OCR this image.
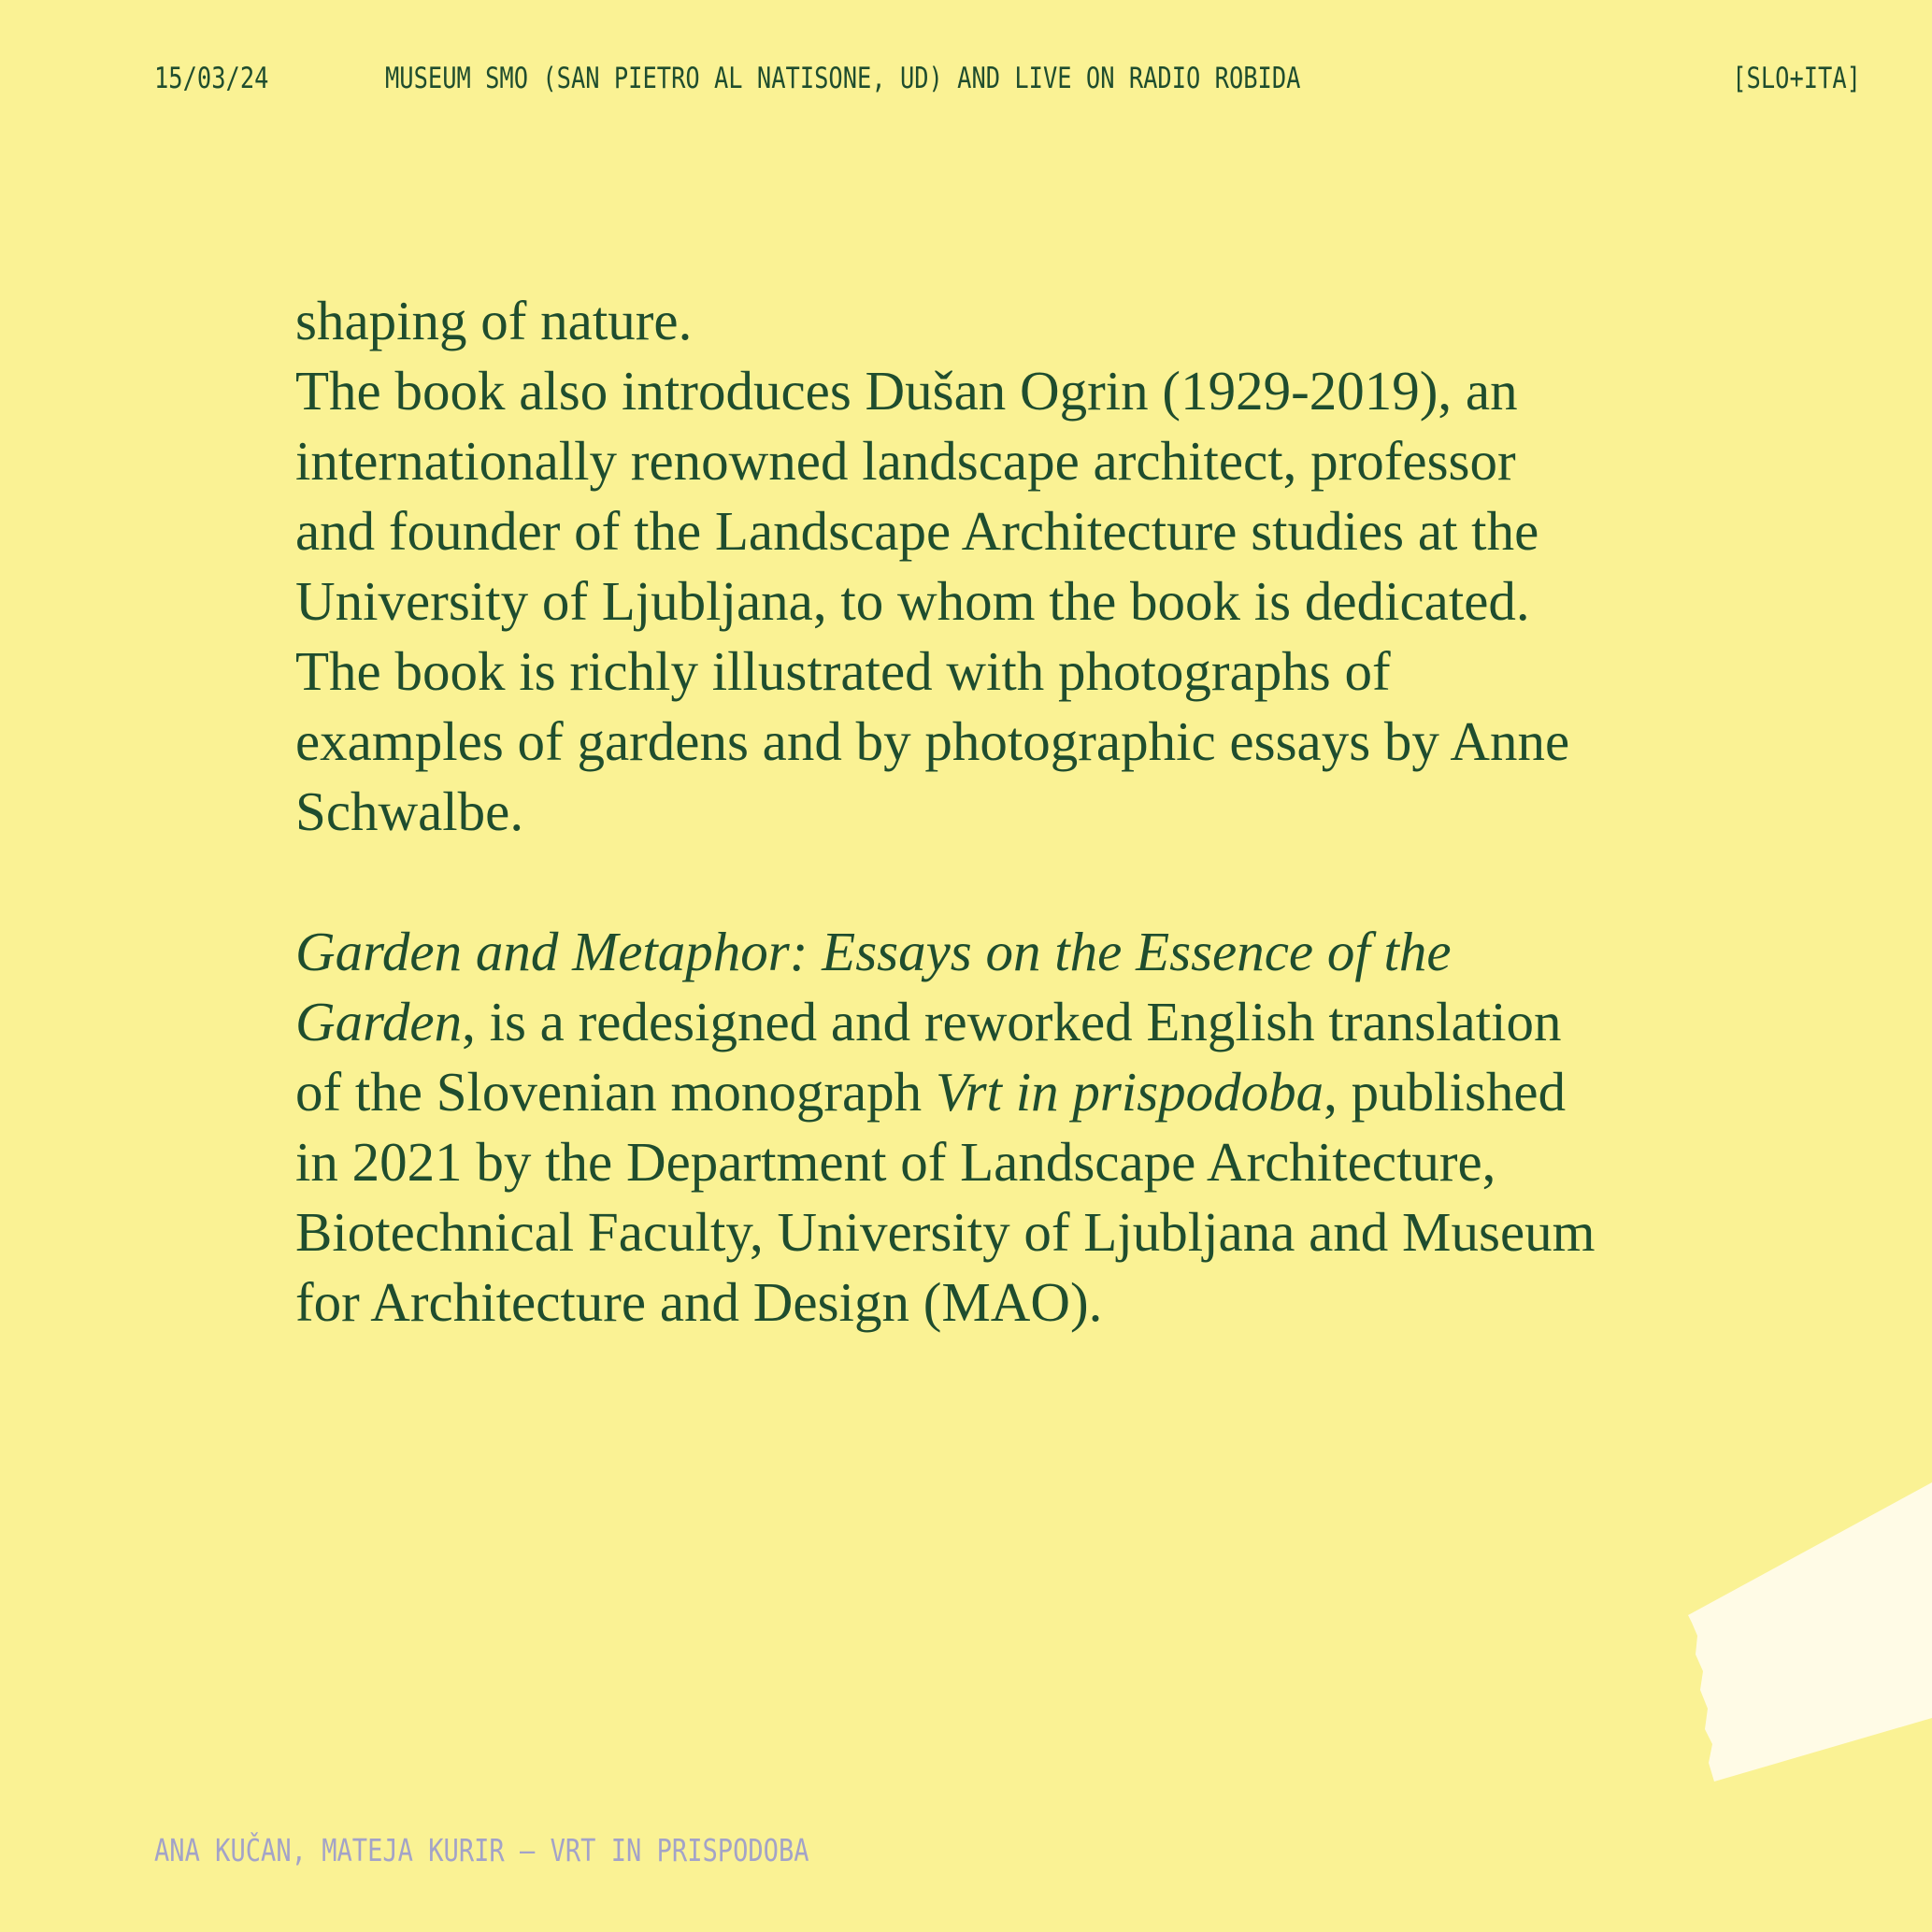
15/03/24	MUSEUM SMO (SAN PIETRO AL NATISONE, UD) AND LIVE ON RADIO ROBIDA	[SLO+ITA]

shaping of nature.

The book also introduces Dušan Ogrin (1929-2019), an

internationally renowned landscape architect, professor

and founder of the Landscape Architecture studies at the

University of Ljubljana, to whom the book is dedicated.

The book is richly illustrated with photographs of

examples of gardens and by photographic essays by Anne

Schwalbe.

Garden and Metaphor: Essays on the Essence of the

Garden, is a redesigned and reworked English translation

of the Slovenian monograph Vrt in prispodoba, published

in 2021 by the Department of Landscape Architecture,

Biotechnical Faculty, University of Ljubljana and Museum

for Architecture and Design (MAO).

ANA KUČAN, MATEJA KURIR – VRT IN PRISPODOBA
